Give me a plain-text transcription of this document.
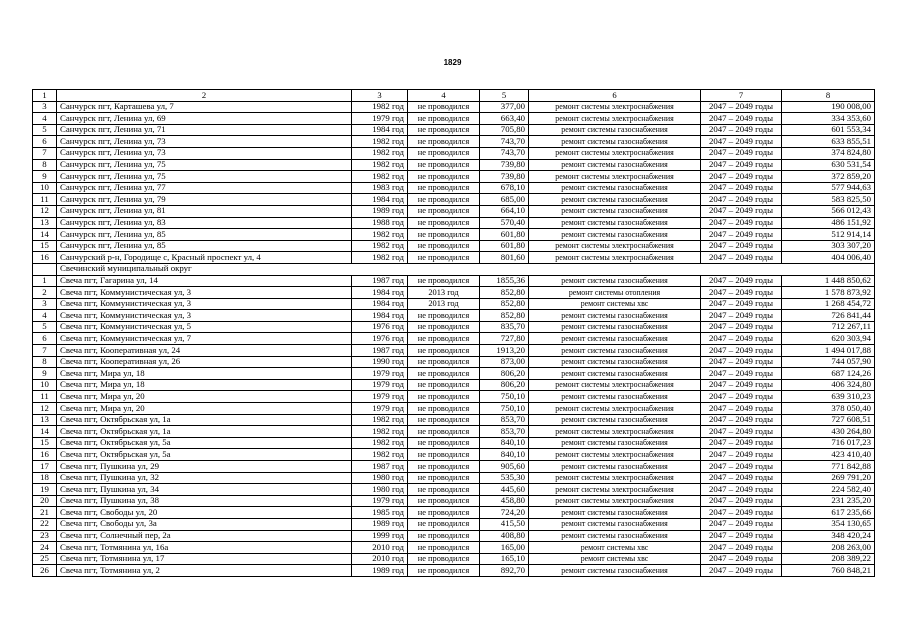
1829
1	2	3	4	5	6	7	8
3	Санчурск пгт, Карташева ул, 7	1982 год	не проводился	377,00	ремонт системы электроснабжения	2047 – 2049 годы	190 008,00
4	Санчурск пгт, Ленина ул, 69	1979 год	не проводился	663,40	ремонт системы электроснабжения	2047 – 2049 годы	334 353,60
5	Санчурск пгт, Ленина ул, 71	1984 год	не проводился	705,80	ремонт системы газоснабжения	2047 – 2049 годы	601 553,34
6	Санчурск пгт, Ленина ул, 73	1982 год	не проводился	743,70	ремонт системы газоснабжения	2047 – 2049 годы	633 855,51
7	Санчурск пгт, Ленина ул, 73	1982 год	не проводился	743,70	ремонт системы электроснабжения	2047 – 2049 годы	374 824,80
8	Санчурск пгт, Ленина ул, 75	1982 год	не проводился	739,80	ремонт системы газоснабжения	2047 – 2049 годы	630 531,54
9	Санчурск пгт, Ленина ул, 75	1982 год	не проводился	739,80	ремонт системы электроснабжения	2047 – 2049 годы	372 859,20
10	Санчурск пгт, Ленина ул, 77	1983 год	не проводился	678,10	ремонт системы газоснабжения	2047 – 2049 годы	577 944,63
11	Санчурск пгт, Ленина ул, 79	1984 год	не проводился	685,00	ремонт системы газоснабжения	2047 – 2049 годы	583 825,50
12	Санчурск пгт, Ленина ул, 81	1989 год	не проводился	664,10	ремонт системы газоснабжения	2047 – 2049 годы	566 012,43
13	Санчурск пгт, Ленина ул, 83	1988 год	не проводился	570,40	ремонт системы газоснабжения	2047 – 2049 годы	486 151,92
14	Санчурск пгт, Ленина ул, 85	1982 год	не проводился	601,80	ремонт системы газоснабжения	2047 – 2049 годы	512 914,14
15	Санчурск пгт, Ленина ул, 85	1982 год	не проводился	601,80	ремонт системы электроснабжения	2047 – 2049 годы	303 307,20
16	Санчурский р-н, Городище с, Красный проспект ул, 4	1982 год	не проводился	801,60	ремонт системы электроснабжения	2047 – 2049 годы	404 006,40
	Свечинский муниципальный округ						
1	Свеча пгт, Гагарина ул, 14	1987 год	не проводился	1855,36	ремонт системы газоснабжения	2047 – 2049 годы	1 448 850,62
2	Свеча пгт, Коммунистическая ул, 3	1984 год	2013 год	852,80	ремонт системы отопления	2047 – 2049 годы	1 578 873,92
3	Свеча пгт, Коммунистическая ул, 3	1984 год	2013 год	852,80	ремонт системы хвс	2047 – 2049 годы	1 268 454,72
4	Свеча пгт, Коммунистическая ул, 3	1984 год	не проводился	852,80	ремонт системы газоснабжения	2047 – 2049 годы	726 841,44
5	Свеча пгт, Коммунистическая ул, 5	1976 год	не проводился	835,70	ремонт системы газоснабжения	2047 – 2049 годы	712 267,11
6	Свеча пгт, Коммунистическая ул, 7	1976 год	не проводился	727,80	ремонт системы газоснабжения	2047 – 2049 годы	620 303,94
7	Свеча пгт, Кооперативная ул, 24	1987 год	не проводился	1913,20	ремонт системы газоснабжения	2047 – 2049 годы	1 494 017,88
8	Свеча пгт, Кооперативная ул, 26	1990 год	не проводился	873,00	ремонт системы газоснабжения	2047 – 2049 годы	744 057,90
9	Свеча пгт, Мира ул, 18	1979 год	не проводился	806,20	ремонт системы газоснабжения	2047 – 2049 годы	687 124,26
10	Свеча пгт, Мира ул, 18	1979 год	не проводился	806,20	ремонт системы электроснабжения	2047 – 2049 годы	406 324,80
11	Свеча пгт, Мира ул, 20	1979 год	не проводился	750,10	ремонт системы газоснабжения	2047 – 2049 годы	639 310,23
12	Свеча пгт, Мира ул, 20	1979 год	не проводился	750,10	ремонт системы электроснабжения	2047 – 2049 годы	378 050,40
13	Свеча пгт, Октябрьская ул, 1а	1982 год	не проводился	853,70	ремонт системы газоснабжения	2047 – 2049 годы	727 608,51
14	Свеча пгт, Октябрьская ул, 1а	1982 год	не проводился	853,70	ремонт системы электроснабжения	2047 – 2049 годы	430 264,80
15	Свеча пгт, Октябрьская ул, 5а	1982 год	не проводился	840,10	ремонт системы газоснабжения	2047 – 2049 годы	716 017,23
16	Свеча пгт, Октябрьская ул, 5а	1982 год	не проводился	840,10	ремонт системы электроснабжения	2047 – 2049 годы	423 410,40
17	Свеча пгт, Пушкина ул, 29	1987 год	не проводился	905,60	ремонт системы газоснабжения	2047 – 2049 годы	771 842,88
18	Свеча пгт, Пушкина ул, 32	1980 год	не проводился	535,30	ремонт системы электроснабжения	2047 – 2049 годы	269 791,20
19	Свеча пгт, Пушкина ул, 34	1980 год	не проводился	445,60	ремонт системы электроснабжения	2047 – 2049 годы	224 582,40
20	Свеча пгт, Пушкина ул, 38	1979 год	не проводился	458,80	ремонт системы электроснабжения	2047 – 2049 годы	231 235,20
21	Свеча пгт, Свободы ул, 20	1985 год	не проводился	724,20	ремонт системы газоснабжения	2047 – 2049 годы	617 235,66
22	Свеча пгт, Свободы ул, 3а	1989 год	не проводился	415,50	ремонт системы газоснабжения	2047 – 2049 годы	354 130,65
23	Свеча пгт, Солнечный пер, 2а	1999 год	не проводился	408,80	ремонт системы газоснабжения	2047 – 2049 годы	348 420,24
24	Свеча пгт, Тотмянина ул, 16а	2010 год	не проводился	165,00	ремонт системы хвс	2047 – 2049 годы	208 263,00
25	Свеча пгт, Тотмянина ул, 17	2010 год	не проводился	165,10	ремонт системы хвс	2047 – 2049 годы	208 389,22
26	Свеча пгт, Тотмянина ул, 2	1989 год	не проводился	892,70	ремонт системы газоснабжения	2047 – 2049 годы	760 848,21
